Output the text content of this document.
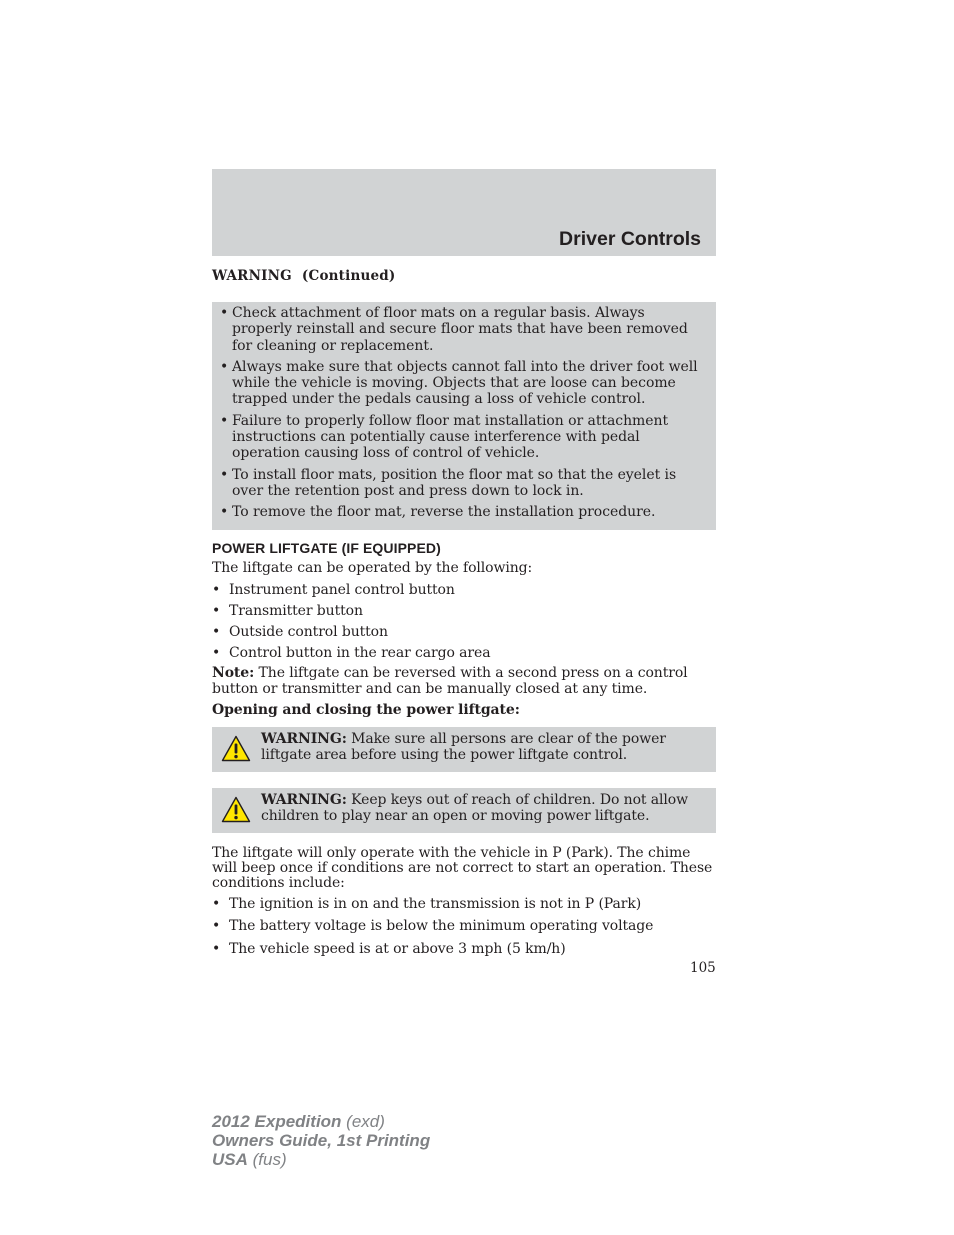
Driver Controls
WARNING (Continued)
• Check attachment of floor mats on a regular basis. Always properly reinstall and secure floor mats that have been removed for cleaning or replacement.
• Always make sure that objects cannot fall into the driver foot well while the vehicle is moving. Objects that are loose can become trapped under the pedals causing a loss of vehicle control.
• Failure to properly follow floor mat installation or attachment instructions can potentially cause interference with pedal operation causing loss of control of vehicle.
• To install floor mats, position the floor mat so that the eyelet is over the retention post and press down to lock in.
• To remove the floor mat, reverse the installation procedure.
POWER LIFTGATE (IF EQUIPPED)
The liftgate can be operated by the following:
• Instrument panel control button
• Transmitter button
• Outside control button
• Control button in the rear cargo area
Note: The liftgate can be reversed with a second press on a control button or transmitter and can be manually closed at any time.
Opening and closing the power liftgate:
WARNING: Make sure all persons are clear of the power liftgate area before using the power liftgate control.
WARNING: Keep keys out of reach of children. Do not allow children to play near an open or moving power liftgate.
The liftgate will only operate with the vehicle in P (Park). The chime will beep once if conditions are not correct to start an operation. These conditions include:
• The ignition is in on and the transmission is not in P (Park)
• The battery voltage is below the minimum operating voltage
• The vehicle speed is at or above 3 mph (5 km/h)
105
2012 Expedition (exd)
Owners Guide, 1st Printing
USA (fus)
